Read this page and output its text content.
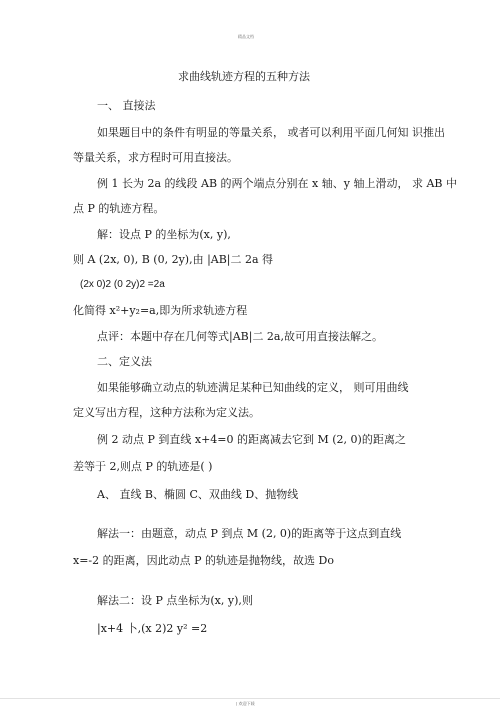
精品文档
求曲线轨迹方程的五种方法
一、 直接法
如果题目中的条件有明显的等量关系， 或者可以利用平面几何知 识推出
等量关系，求方程时可用直接法。
例 1 长为 2a 的线段 AB 的两个端点分别在 x 轴、y 轴上滑动， 求 AB 中
点 P 的轨迹方程。
解：设点 P 的坐标为(x, y),
则 A (2x, 0), B (0, 2y),由 |AB|二 2a 得
(2x 0)2 (0 2y)2 =2a
化简得 x²+y₂=a,即为所求轨迹方程
点评：本题中存在几何等式|AB|二 2a,故可用直接法解之。
二、定义法
如果能够确立动点的轨迹满足某种已知曲线的定义， 则可用曲线
定义写出方程，这种方法称为定义法。
例 2 动点 P 到直线 x+4=0 的距离减去它到 M (2, 0)的距离之
差等于 2,则点 P 的轨迹是( )
A、 直线 B、椭圆 C、双曲线 D、抛物线
解法一：由题意，动点 P 到点 M (2, 0)的距离等于这点到直线
x=-2 的距离，因此动点 P 的轨迹是抛物线，故选 Do
解法二：设 P 点坐标为(x, y),则
|x+4 卜,(x 2)2 y² =2
| 欢迎下载
